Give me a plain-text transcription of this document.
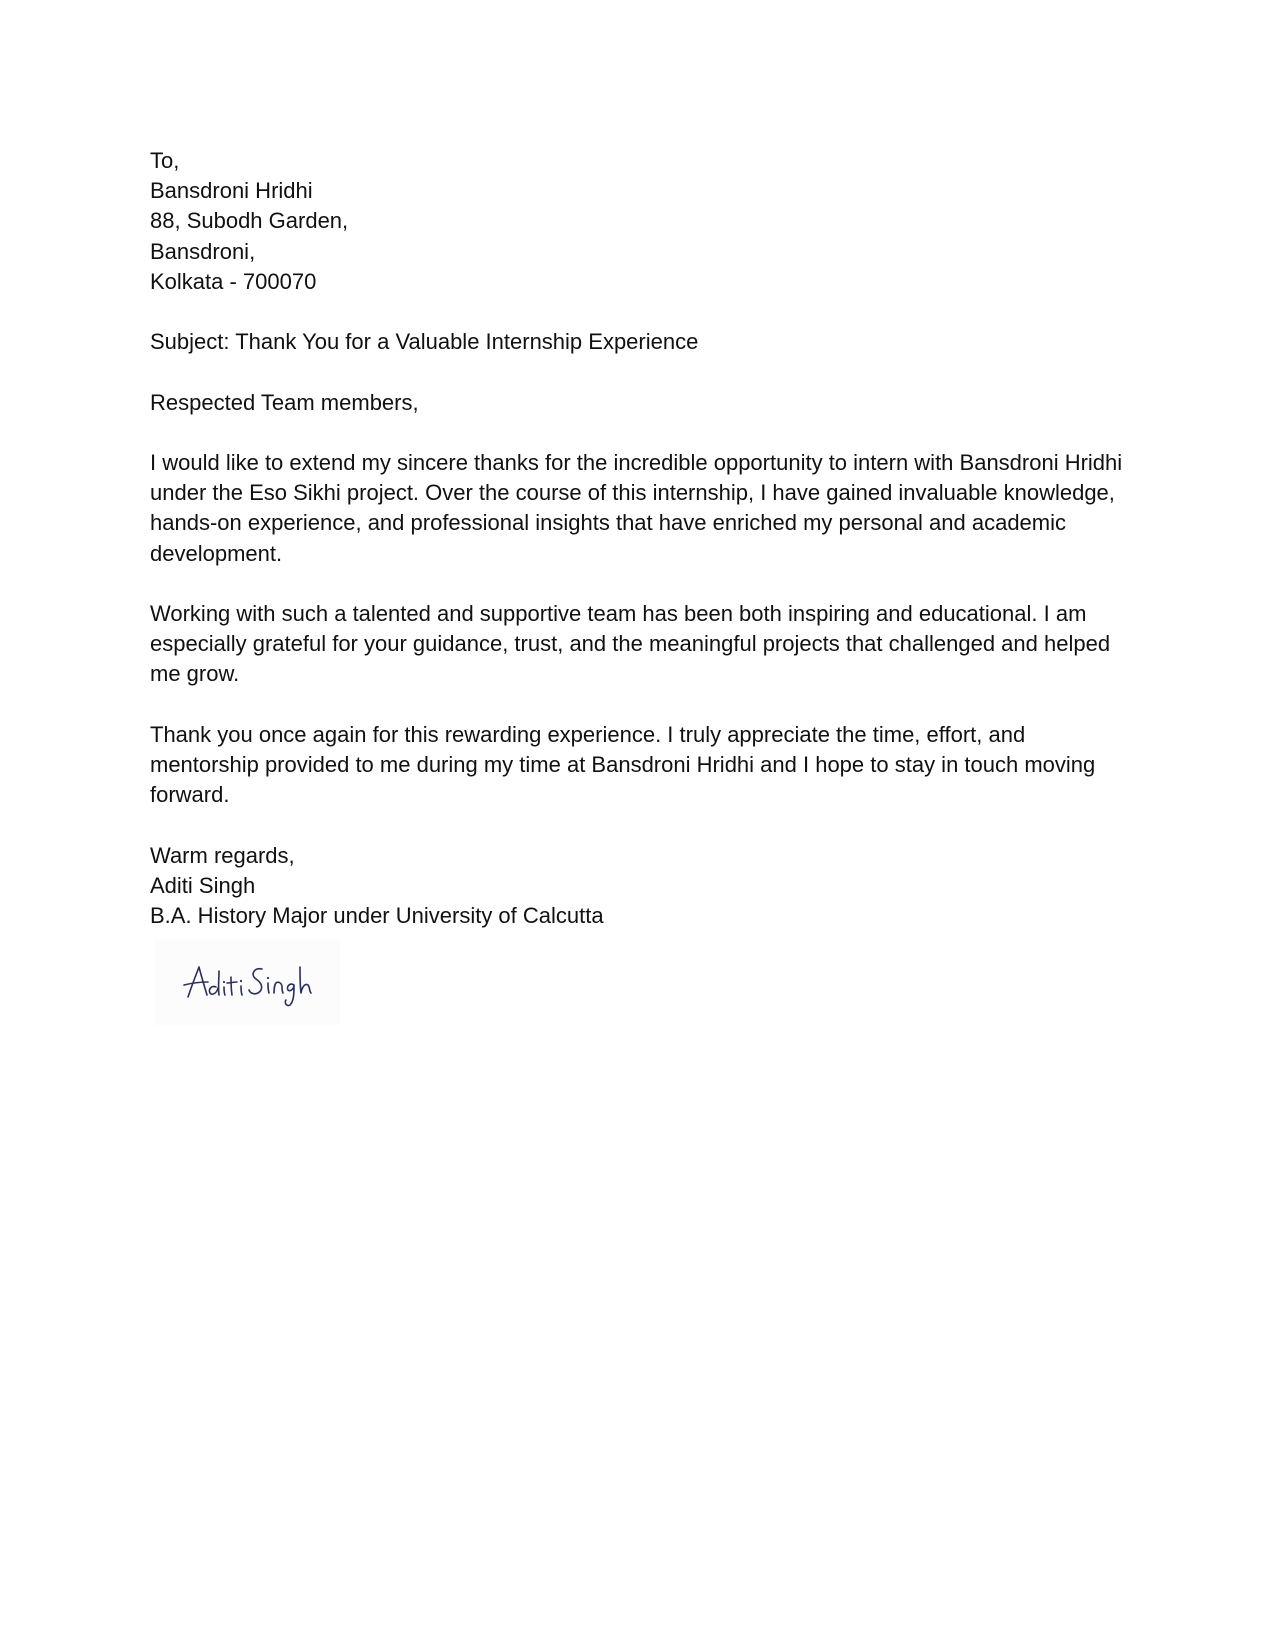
To,
Bansdroni Hridhi
88, Subodh Garden,
Bansdroni,
Kolkata - 700070
Subject: Thank You for a Valuable Internship Experience
Respected Team members,

I would like to extend my sincere thanks for the incredible opportunity to intern with Bansdroni Hridhi under the Eso Sikhi project. Over the course of this internship, I have gained invaluable knowledge, hands-on experience, and professional insights that have enriched my personal and academic development.

Working with such a talented and supportive team has been both inspiring and educational. I am especially grateful for your guidance, trust, and the meaningful projects that challenged and helped me grow.

Thank you once again for this rewarding experience. I truly appreciate the time, effort, and mentorship provided to me during my time at Bansdroni Hridhi and I hope to stay in touch moving forward.

Warm regards,
Aditi Singh
B.A. History Major under University of Calcutta
